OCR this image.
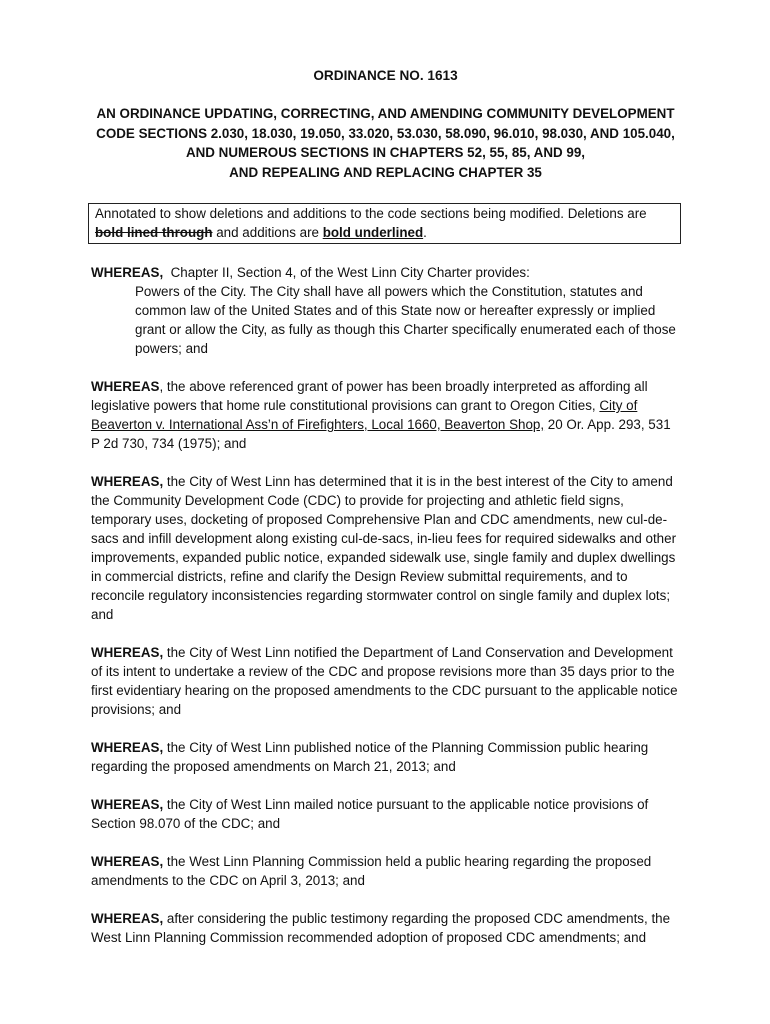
ORDINANCE NO. 1613
AN ORDINANCE UPDATING, CORRECTING, AND AMENDING COMMUNITY DEVELOPMENT
CODE SECTIONS 2.030, 18.030, 19.050, 33.020, 53.030, 58.090, 96.010, 98.030, AND 105.040,
AND NUMEROUS SECTIONS IN CHAPTERS 52, 55, 85, AND 99,
AND REPEALING AND REPLACING CHAPTER 35
Annotated to show deletions and additions to the code sections being modified. Deletions are bold lined through and additions are bold underlined.
WHEREAS,  Chapter II, Section 4, of the West Linn City Charter provides:
Powers of the City. The City shall have all powers which the Constitution, statutes and common law of the United States and of this State now or hereafter expressly or implied grant or allow the City, as fully as though this Charter specifically enumerated each of those powers; and

WHEREAS, the above referenced grant of power has been broadly interpreted as affording all legislative powers that home rule constitutional provisions can grant to Oregon Cities, City of Beaverton v. International Ass’n of Firefighters, Local 1660, Beaverton Shop, 20 Or. App. 293, 531 P 2d 730, 734 (1975); and

WHEREAS, the City of West Linn has determined that it is in the best interest of the City to amend the Community Development Code (CDC) to provide for projecting and athletic field signs, temporary uses, docketing of proposed Comprehensive Plan and CDC amendments, new cul-de-sacs and infill development along existing cul-de-sacs, in-lieu fees for required sidewalks and other improvements, expanded public notice, expanded sidewalk use, single family and duplex dwellings in commercial districts, refine and clarify the Design Review submittal requirements, and to reconcile regulatory inconsistencies regarding stormwater control on single family and duplex lots; and

WHEREAS, the City of West Linn notified the Department of Land Conservation and Development of its intent to undertake a review of the CDC and propose revisions more than 35 days prior to the first evidentiary hearing on the proposed amendments to the CDC pursuant to the applicable notice provisions; and

WHEREAS, the City of West Linn published notice of the Planning Commission public hearing regarding the proposed amendments on March 21, 2013; and

WHEREAS, the City of West Linn mailed notice pursuant to the applicable notice provisions of Section 98.070 of the CDC; and

WHEREAS, the West Linn Planning Commission held a public hearing regarding the proposed amendments to the CDC on April 3, 2013; and

WHEREAS, after considering the public testimony regarding the proposed CDC amendments, the West Linn Planning Commission recommended adoption of proposed CDC amendments; and
